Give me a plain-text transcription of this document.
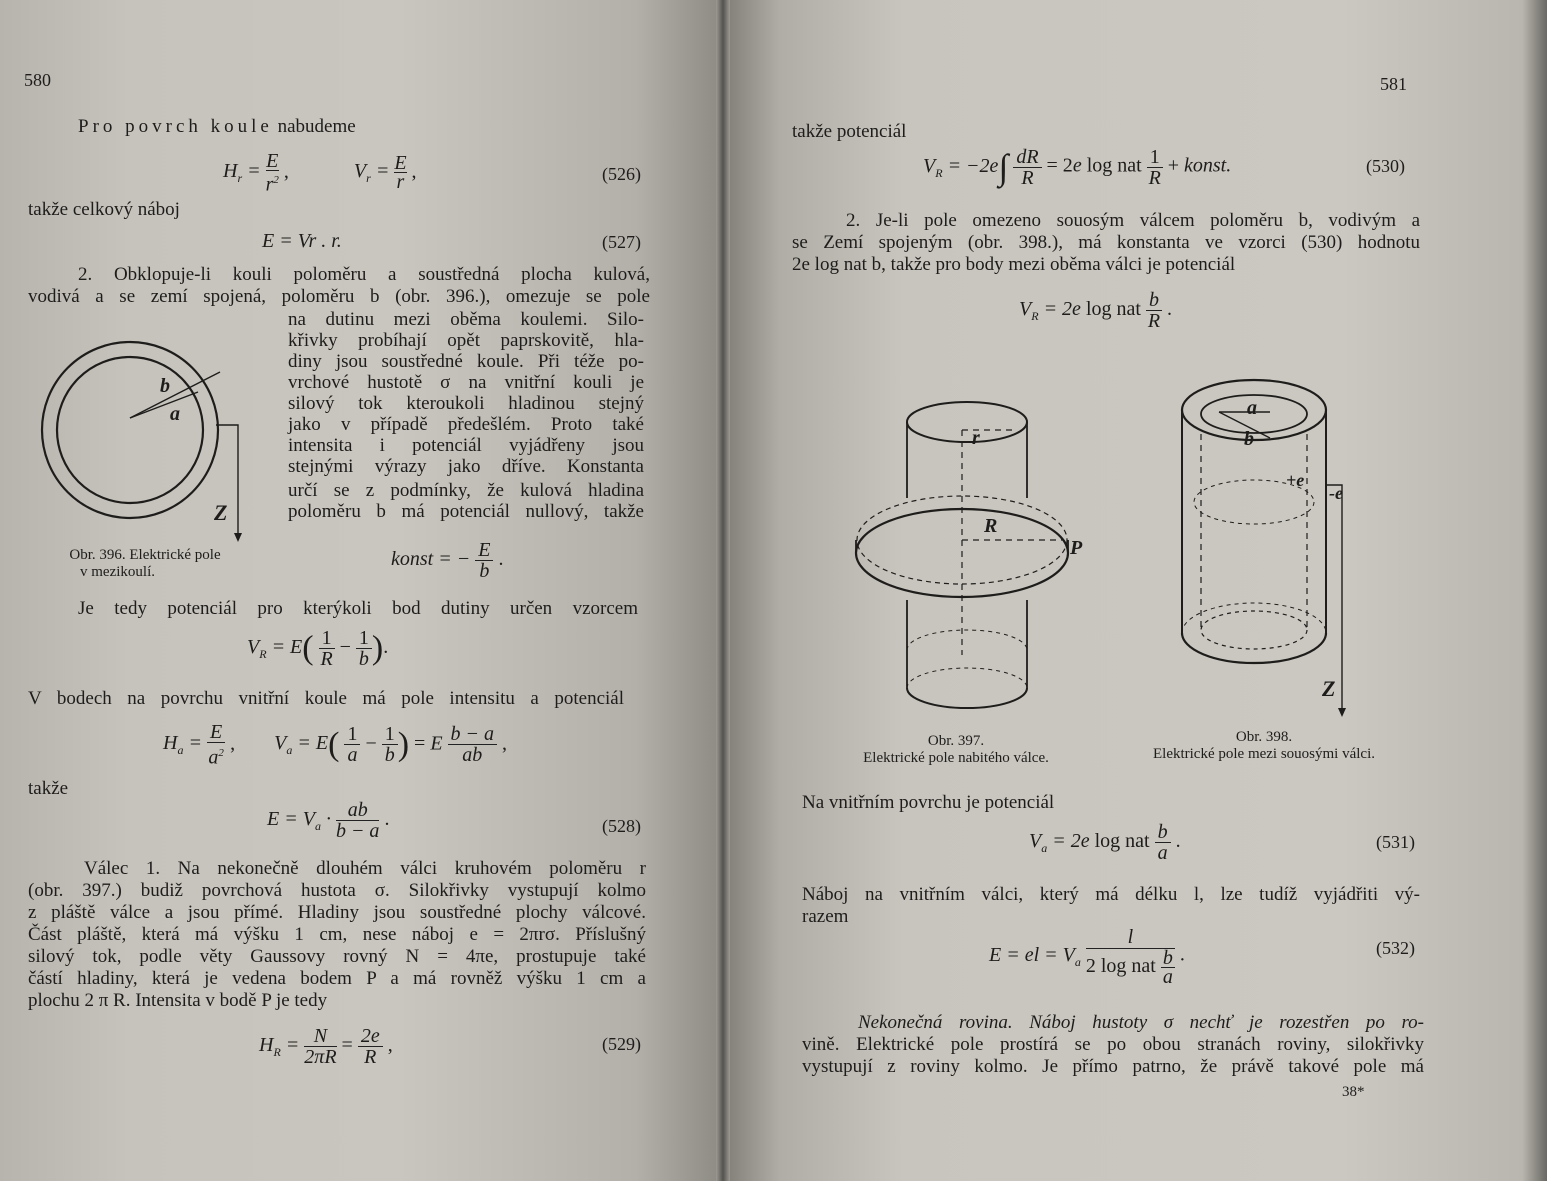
580
Pro povrch koule nabudeme
$H_r = \frac{E}{r^2}$ ,	$V_r = \frac{E}{r}$ ,	(526)
takže celkový náboj
E = Vr . r.	(527)
2. Obklopuje-li kouli poloměru a soustředná plocha kulová,
vodivá a se zemí spojená, poloměru b (obr. 396.), omezuje se pole
na dutinu mezi oběma koulemi. Silo-
křivky probíhají opět paprskovitě, hla-
diny jsou soustředné koule. Při téže po-
vrchové hustotě σ na vnitřní kouli je
silový tok kteroukoli hladinou stejný
jako v případě předešlém. Proto také
intensita i potenciál vyjádřeny jsou
stejnými výrazy jako dříve. Konstanta
určí se z podmínky, že kulová hladina
poloměru b má potenciál nullový, takže
b
a
Z
Obr. 396. Elektrické pole
v mezikoulí.
konst = − $\frac{E}{b}$ .
Je tedy potenciál pro kterýkoli bod dutiny určen vzorcem
$V_R = E( \frac{1}{R} - \frac{1}{b}$ ).
V bodech na povrchu vnitřní koule má pole intensitu a potenciál
$H_a = \frac{E}{a^2}$ , $V_a = E( \frac{1}{a} - \frac{1}{b}$ ) = E $\frac{b - a}{ab}$ ,
takže
$E = V_a \cdot \frac{ab}{b - a}$ .	(528)
Válec 1. Na nekonečně dlouhém válci kruhovém poloměru r
(obr. 397.) budiž povrchová hustota σ. Silokřivky vystupují kolmo
z pláště válce a jsou přímé. Hladiny jsou soustředné plochy válcové.
Část pláště, která má výšku 1 cm, nese náboj e = 2πrσ. Příslušný
silový tok, podle věty Gaussovy rovný N = 4πe, prostupuje také
částí hladiny, která je vedena bodem P a má rovněž výšku 1 cm a
plochu 2 π R. Intensita v bodě P je tedy
$H_R = \frac{N}{2\pi R} = \frac{2e}{R}$ ,	(529)
581
takže potenciál
$V_R = -2e\int \frac{dR}{R} = 2e$ log nat $\frac{1}{R}$ + konst.	(530)
2. Je-li pole omezeno souosým válcem poloměru b, vodivým a
se Zemí spojeným (obr. 398.), má konstanta ve vzorci (530) hodnotu
2e log nat b, takže pro body mezi oběma válci je potenciál
$V_R = 2e$ log nat $\frac{b}{R}$ .
r
R
P
a
b
+e
-e
Z
Obr. 397.
Elektrické pole nabitého válce.
Obr. 398.
Elektrické pole mezi souosými válci.
Na vnitřním povrchu je potenciál
$V_a = 2e$ log nat $\frac{b}{a}$ .	(531)
Náboj na vnitřním válci, který má délku l, lze tudíž vyjádřiti vý-
razem
E = el = $V_a$
l
2 log nat $\frac{b}{a}$ .	(532)
Nekonečná rovina. Náboj hustoty σ nechť je rozestřen po ro-
vině. Elektrické pole prostírá se po obou stranách roviny, silokřivky
vystupují z roviny kolmo. Je přímo patrno, že právě takové pole má
38*
